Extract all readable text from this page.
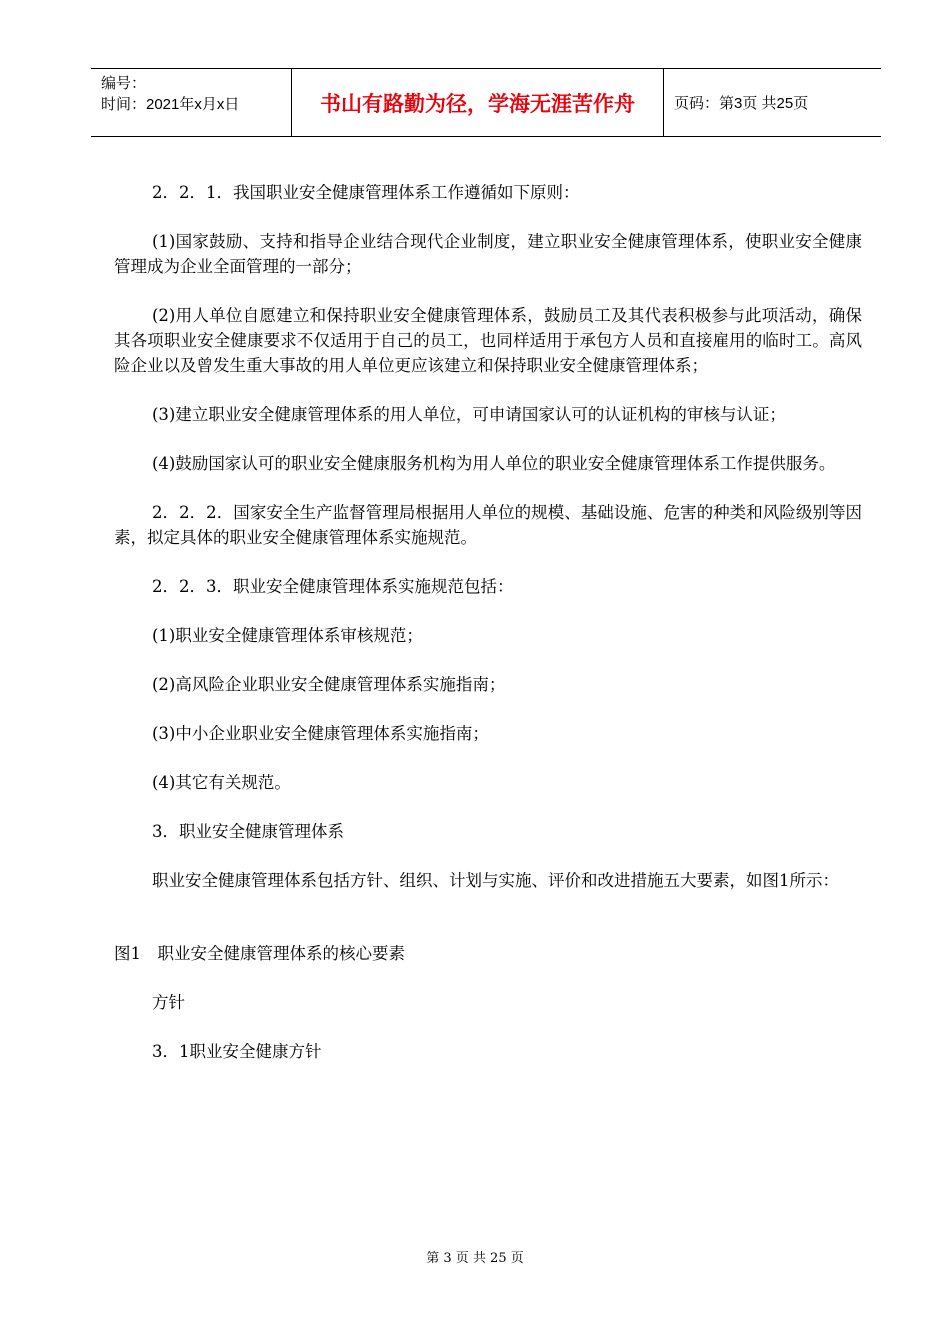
编号：
时间：2021年x月x日	书山有路勤为径，学海无涯苦作舟	页码：第3页 共25页

2．2．1．我国职业安全健康管理体系工作遵循如下原则：

(1)国家鼓励、支持和指导企业结合现代企业制度，建立职业安全健康管理体系，使职业安全健康管理成为企业全面管理的一部分；

(2)用人单位自愿建立和保持职业安全健康管理体系，鼓励员工及其代表积极参与此项活动，确保其各项职业安全健康要求不仅适用于自己的员工，也同样适用于承包方人员和直接雇用的临时工。高风险企业以及曾发生重大事故的用人单位更应该建立和保持职业安全健康管理体系；

(3)建立职业安全健康管理体系的用人单位，可申请国家认可的认证机构的审核与认证；

(4)鼓励国家认可的职业安全健康服务机构为用人单位的职业安全健康管理体系工作提供服务。

2．2．2．国家安全生产监督管理局根据用人单位的规模、基础设施、危害的种类和风险级别等因素，拟定具体的职业安全健康管理体系实施规范。

2．2．3．职业安全健康管理体系实施规范包括：

(1)职业安全健康管理体系审核规范；

(2)高风险企业职业安全健康管理体系实施指南；

(3)中小企业职业安全健康管理体系实施指南；

(4)其它有关规范。

3．职业安全健康管理体系

职业安全健康管理体系包括方针、组织、计划与实施、评价和改进措施五大要素，如图1所示：

图1　职业安全健康管理体系的核心要素

方针

3．1职业安全健康方针

第 3 页 共 25 页
